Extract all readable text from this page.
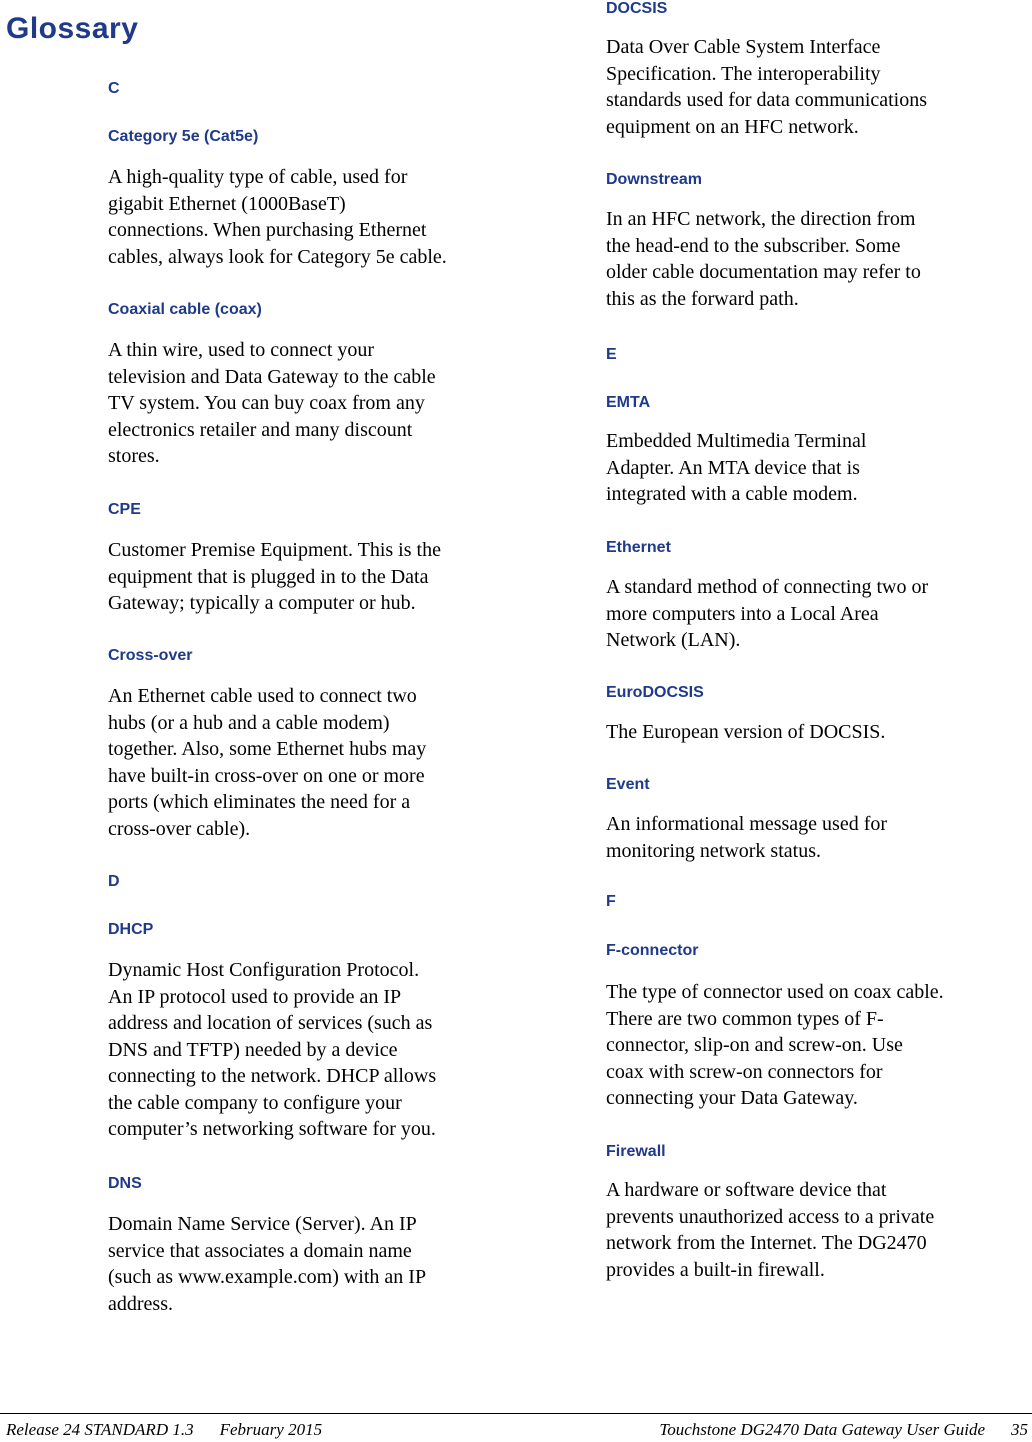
Glossary
C
Category 5e (Cat5e)
A high-quality type of cable, used for
gigabit Ethernet (1000BaseT)
connections. When purchasing Ethernet
cables, always look for Category 5e cable.
Coaxial cable (coax)
A thin wire, used to connect your
television and Data Gateway to the cable
TV system. You can buy coax from any
electronics retailer and many discount
stores.
CPE
Customer Premise Equipment. This is the
equipment that is plugged in to the Data
Gateway; typically a computer or hub.
Cross-over
An Ethernet cable used to connect two
hubs (or a hub and a cable modem)
together. Also, some Ethernet hubs may
have built-in cross-over on one or more
ports (which eliminates the need for a
cross-over cable).
D
DHCP
Dynamic Host Configuration Protocol.
An IP protocol used to provide an IP
address and location of services (such as
DNS and TFTP) needed by a device
connecting to the network. DHCP allows
the cable company to configure your
computer’s networking software for you.
DNS
Domain Name Service (Server). An IP
service that associates a domain name
(such as www.example.com) with an IP
address.
DOCSIS
Data Over Cable System Interface
Specification. The interoperability
standards used for data communications
equipment on an HFC network.
Downstream
In an HFC network, the direction from
the head-end to the subscriber. Some
older cable documentation may refer to
this as the forward path.
E
EMTA
Embedded Multimedia Terminal
Adapter. An MTA device that is
integrated with a cable modem.
Ethernet
A standard method of connecting two or
more computers into a Local Area
Network (LAN).
EuroDOCSIS
The European version of DOCSIS.
Event
An informational message used for
monitoring network status.
F
F-connector
The type of connector used on coax cable.
There are two common types of F-
connector, slip-on and screw-on. Use
coax with screw-on connectors for
connecting your Data Gateway.
Firewall
A hardware or software device that
prevents unauthorized access to a private
network from the Internet. The DG2470
provides a built-in firewall.
Release 24 STANDARD 1.3 February 2015	Touchstone DG2470 Data Gateway User Guide 35
